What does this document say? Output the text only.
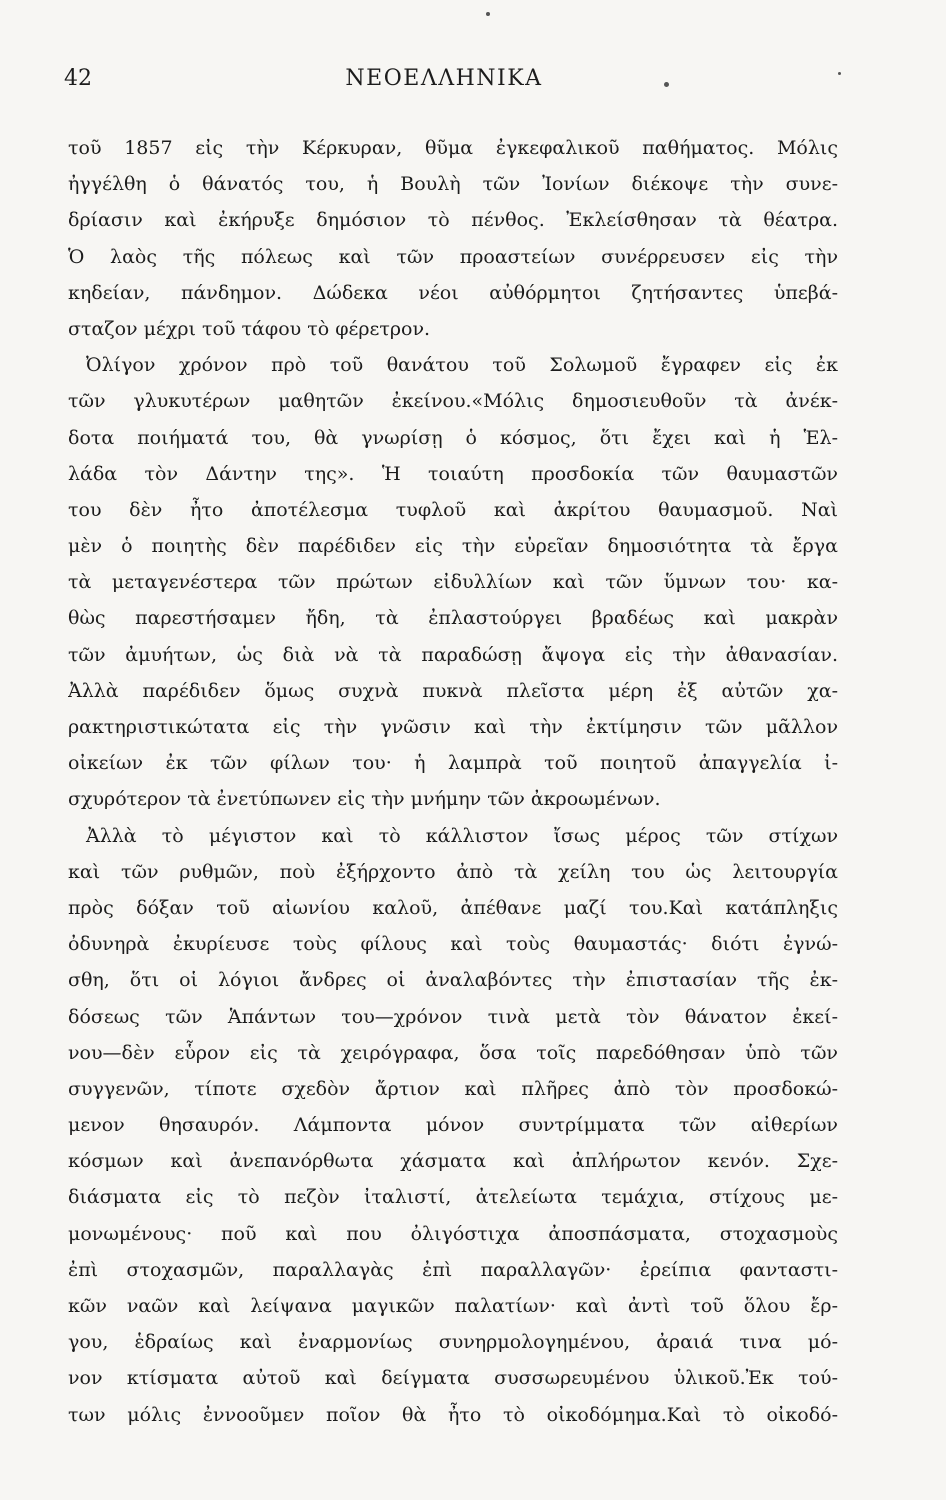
42	ΝΕΟΕΛΛΗΝΙΚΑ
τοῦ 1857 εἰς τὴν Κέρκυραν, θῦμα ἐγκεφαλικοῦ παθήματος. Μόλις
ἠγγέλθη ὁ θάνατός του, ἡ Βουλὴ τῶν Ἰονίων διέκοψε τὴν συνε-
δρίασιν καὶ ἐκήρυξε δημόσιον τὸ πένθος. Ἐκλείσθησαν τὰ θέατρα.
Ὁ λαὸς τῆς πόλεως καὶ τῶν προαστείων συνέρρευσεν εἰς τὴν
κηδείαν, πάνδημον. Δώδεκα νέοι αὐθόρμητοι ζητήσαντες ὑπεβά-
σταζον μέχρι τοῦ τάφου τὸ φέρετρον.
Ὀλίγον χρόνον πρὸ τοῦ θανάτου τοῦ Σολωμοῦ ἔγραφεν εἰς ἐκ
τῶν γλυκυτέρων μαθητῶν ἐκείνου.«Μόλις δημοσιευθοῦν τὰ ἀνέκ-
δοτα ποιήματά του, θὰ γνωρίσῃ ὁ κόσμος, ὅτι ἔχει καὶ ἡ Ἑλ-
λάδα τὸν Δάντην της». Ἡ τοιαύτη προσδοκία τῶν θαυμαστῶν
του δὲν ἦτο ἀποτέλεσμα τυφλοῦ καὶ ἀκρίτου θαυμασμοῦ. Ναὶ
μὲν ὁ ποιητὴς δὲν παρέδιδεν εἰς τὴν εὐρεῖαν δημοσιότητα τὰ ἔργα
τὰ μεταγενέστερα τῶν πρώτων εἰδυλλίων καὶ τῶν ὕμνων του· κα-
θὼς παρεστήσαμεν ἤδη, τὰ ἐπλαστούργει βραδέως καὶ μακρὰν
τῶν ἀμυήτων, ὡς διὰ νὰ τὰ παραδώσῃ ἄψογα εἰς τὴν ἀθανασίαν.
Ἀλλὰ παρέδιδεν ὅμως συχνὰ πυκνὰ πλεῖστα μέρη ἐξ αὐτῶν χα-
ρακτηριστικώτατα εἰς τὴν γνῶσιν καὶ τὴν ἐκτίμησιν τῶν μᾶλλον
οἰκείων ἐκ τῶν φίλων του· ἡ λαμπρὰ τοῦ ποιητοῦ ἀπαγγελία ἰ-
σχυρότερον τὰ ἐνετύπωνεν εἰς τὴν μνήμην τῶν ἀκροωμένων.
Ἀλλὰ τὸ μέγιστον καὶ τὸ κάλλιστον ἴσως μέρος τῶν στίχων
καὶ τῶν ρυθμῶν, ποὺ ἐξήρχοντο ἀπὸ τὰ χείλη του ὡς λειτουργία
πρὸς δόξαν τοῦ αἰωνίου καλοῦ, ἀπέθανε μαζί του.Καὶ κατάπληξις
ὀδυνηρὰ ἐκυρίευσε τοὺς φίλους καὶ τοὺς θαυμαστάς· διότι ἐγνώ-
σθη, ὅτι οἱ λόγιοι ἄνδρες οἱ ἀναλαβόντες τὴν ἐπιστασίαν τῆς ἐκ-
δόσεως τῶν Ἁπάντων του—χρόνον τινὰ μετὰ τὸν θάνατον ἐκεί-
νου—δὲν εὗρον εἰς τὰ χειρόγραφα, ὅσα τοῖς παρεδόθησαν ὑπὸ τῶν
συγγενῶν, τίποτε σχεδὸν ἄρτιον καὶ πλῆρες ἀπὸ τὸν προσδοκώ-
μενον θησαυρόν. Λάμποντα μόνον συντρίμματα τῶν αἰθερίων
κόσμων καὶ ἀνεπανόρθωτα χάσματα καὶ ἀπλήρωτον κενόν. Σχε-
διάσματα εἰς τὸ πεζὸν ἰταλιστί, ἀτελείωτα τεμάχια, στίχους με-
μονωμένους· ποῦ καὶ που ὀλιγόστιχα ἀποσπάσματα, στοχασμοὺς
ἐπὶ στοχασμῶν, παραλλαγὰς ἐπὶ παραλλαγῶν· ἐρείπια φανταστι-
κῶν ναῶν καὶ λείψανα μαγικῶν παλατίων· καὶ ἀντὶ τοῦ ὅλου ἔρ-
γου, ἑδραίως καὶ ἐναρμονίως συνηρμολογημένου, ἀραιά τινα μό-
νον κτίσματα αὐτοῦ καὶ δείγματα συσσωρευμένου ὑλικοῦ.Ἐκ τού-
των μόλις ἐννοοῦμεν ποῖον θὰ ἦτο τὸ οἰκοδόμημα.Καὶ τὸ οἰκοδό-
